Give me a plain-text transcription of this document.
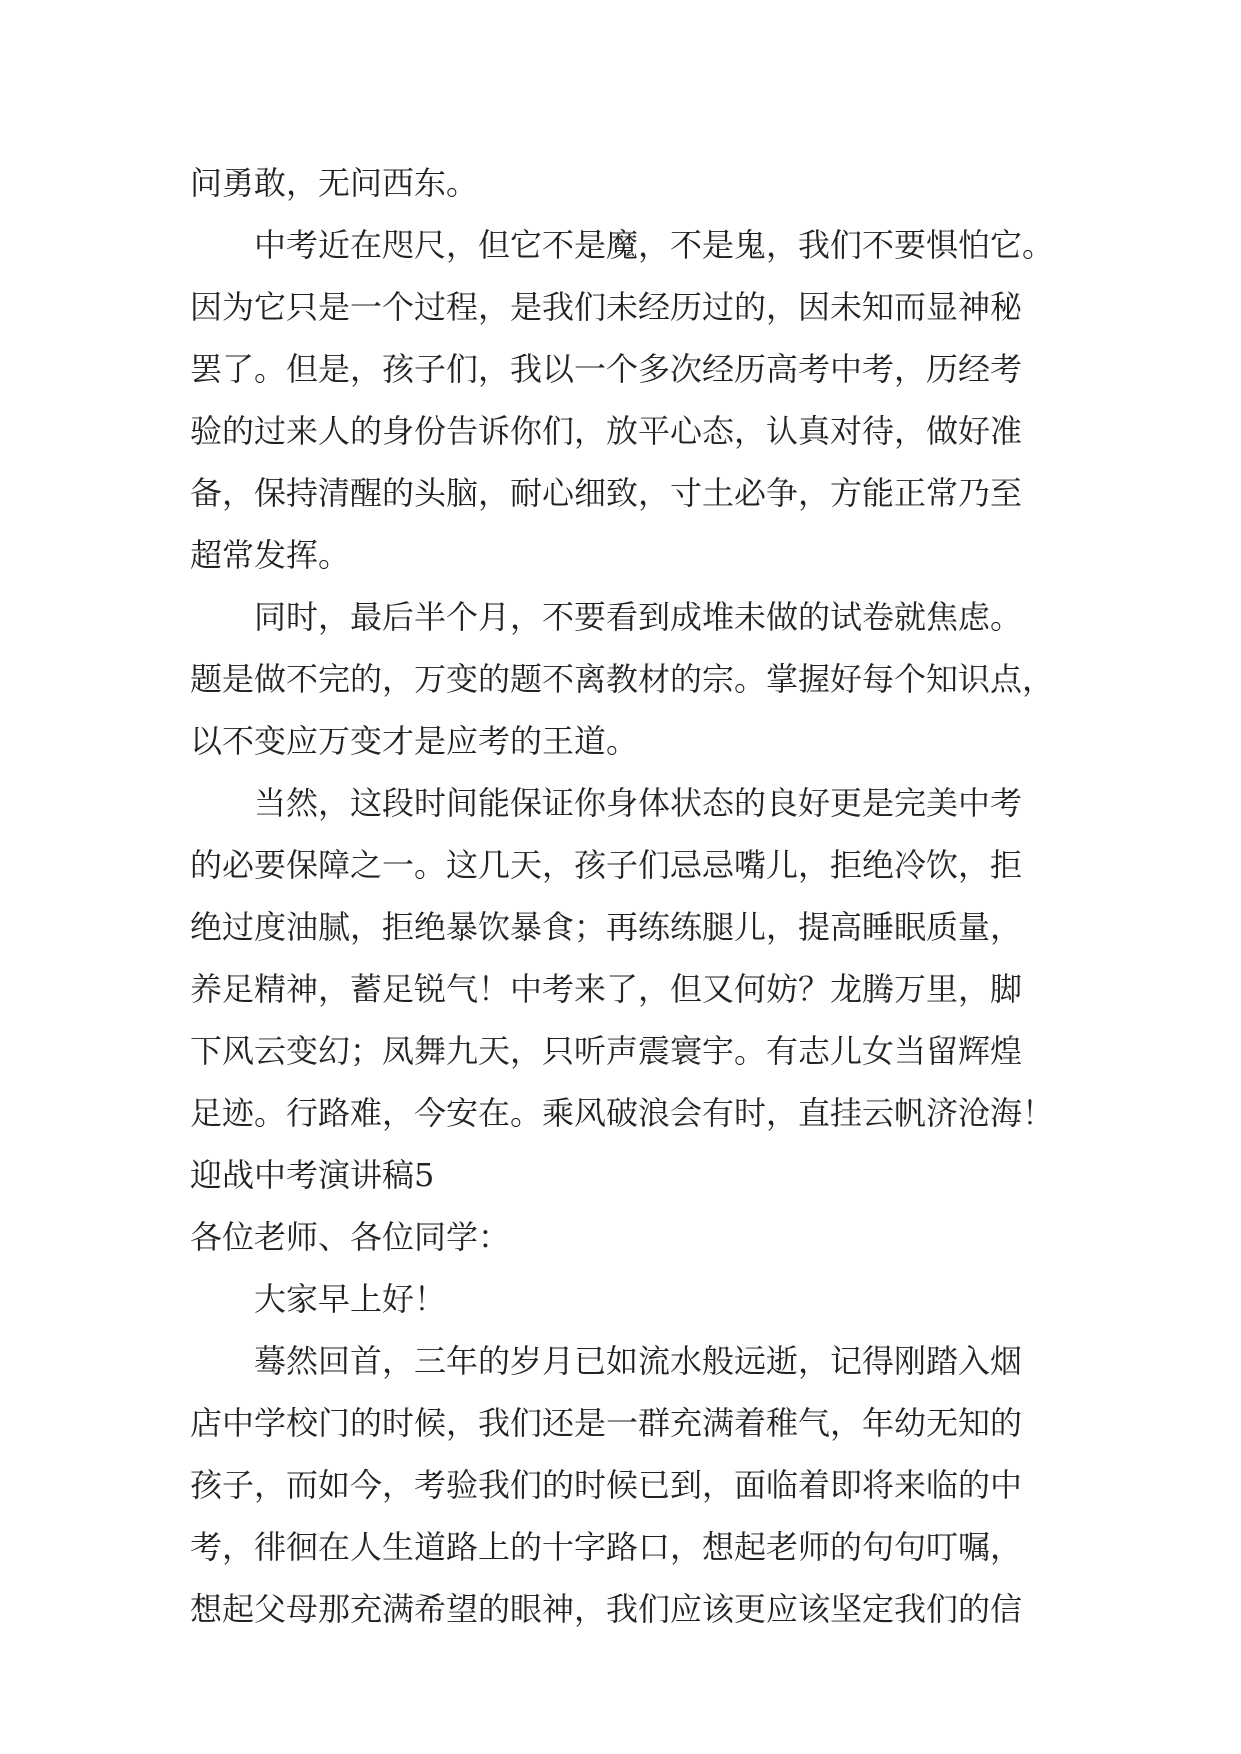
问勇敢，无问西东。
中考近在咫尺，但它不是魔，不是鬼，我们不要惧怕它。
因为它只是一个过程，是我们未经历过的，因未知而显神秘
罢了。但是，孩子们，我以一个多次经历高考中考，历经考
验的过来人的身份告诉你们，放平心态，认真对待，做好准
备，保持清醒的头脑，耐心细致，寸土必争，方能正常乃至
超常发挥。
同时，最后半个月，不要看到成堆未做的试卷就焦虑。
题是做不完的，万变的题不离教材的宗。掌握好每个知识点，
以不变应万变才是应考的王道。
当然，这段时间能保证你身体状态的良好更是完美中考
的必要保障之一。这几天，孩子们忌忌嘴儿，拒绝冷饮，拒
绝过度油腻，拒绝暴饮暴食；再练练腿儿，提高睡眠质量，
养足精神，蓄足锐气！中考来了，但又何妨？龙腾万里，脚
下风云变幻；凤舞九天，只听声震寰宇。有志儿女当留辉煌
足迹。行路难，今安在。乘风破浪会有时，直挂云帆济沧海！
迎战中考演讲稿5
各位老师、各位同学：
大家早上好！
蓦然回首，三年的岁月已如流水般远逝，记得刚踏入烟
店中学校门的时候，我们还是一群充满着稚气，年幼无知的
孩子，而如今，考验我们的时候已到，面临着即将来临的中
考，徘徊在人生道路上的十字路口，想起老师的句句叮嘱，
想起父母那充满希望的眼神，我们应该更应该坚定我们的信
